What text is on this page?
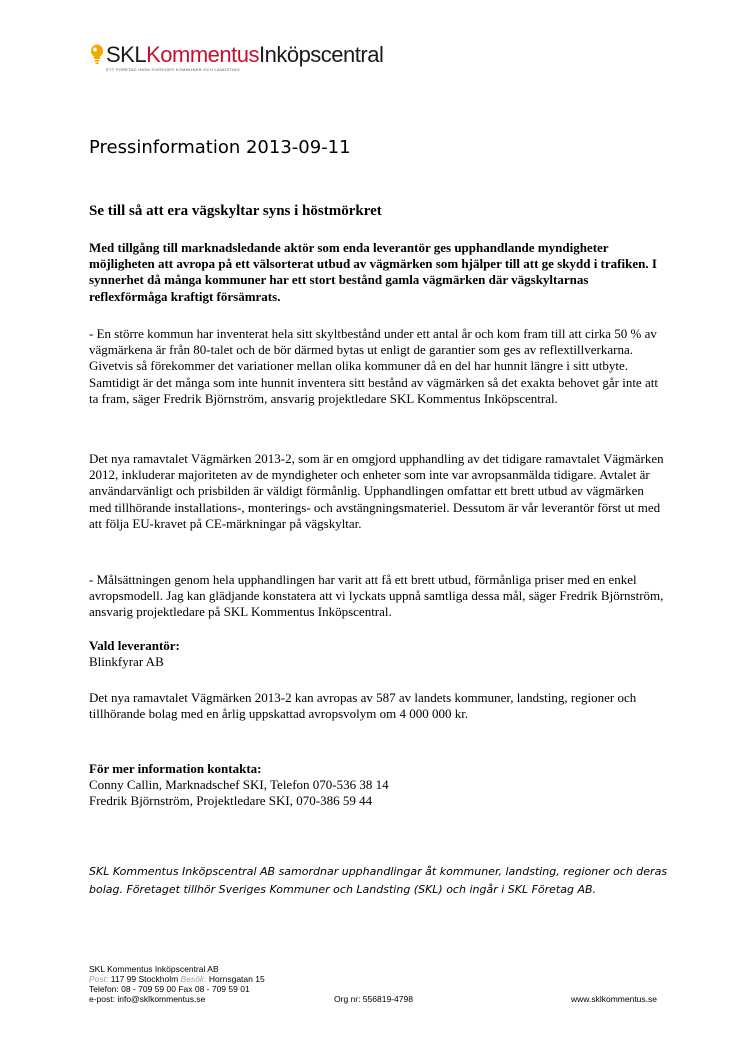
SKLKommentusInköpscentral
ETT FÖRETAG INOM SVERIGES KOMMUNER OCH LANDSTING
Pressinformation 2013-09-11
Se till så att era vägskyltar syns i höstmörkret
Med tillgång till marknadsledande aktör som enda leverantör ges upphandlande myndigheter möjligheten att avropa på ett välsorterat utbud av vägmärken som hjälper till att ge skydd i trafiken. I synnerhet då många kommuner har ett stort bestånd gamla vägmärken där vägskyltarnas reflexförmåga kraftigt försämrats.
- En större kommun har inventerat hela sitt skyltbestånd under ett antal år och kom fram till att cirka 50 % av vägmärkena är från 80-talet och de bör därmed bytas ut enligt de garantier som ges av reflextillverkarna. Givetvis så förekommer det variationer mellan olika kommuner då en del har hunnit längre i sitt utbyte. Samtidigt är det många som inte hunnit inventera sitt bestånd av vägmärken så det exakta behovet går inte att ta fram, säger Fredrik Björnström, ansvarig projektledare SKL Kommentus Inköpscentral.
Det nya ramavtalet Vägmärken 2013-2, som är en omgjord upphandling av det tidigare ramavtalet Vägmärken 2012, inkluderar majoriteten av de myndigheter och enheter som inte var avropsanmälda tidigare. Avtalet är användarvänligt och prisbilden är väldigt förmånlig. Upphandlingen omfattar ett brett utbud av vägmärken med tillhörande installations-, monterings- och avstängningsmateriel. Dessutom är vår leverantör först ut med att följa EU-kravet på CE-märkningar på vägskyltar.
- Målsättningen genom hela upphandlingen har varit att få ett brett utbud, förmånliga priser med en enkel avropsmodell. Jag kan glädjande konstatera att vi lyckats uppnå samtliga dessa mål, säger Fredrik Björnström, ansvarig projektledare på SKL Kommentus Inköpscentral.
Vald leverantör:
Blinkfyrar AB
Det nya ramavtalet Vägmärken 2013-2 kan avropas av 587 av landets kommuner, landsting, regioner och tillhörande bolag med en årlig uppskattad avropsvolym om 4 000 000 kr.
För mer information kontakta:
Conny Callin, Marknadschef SKI, Telefon 070-536 38 14
Fredrik Björnström, Projektledare SKI, 070-386 59 44
SKL Kommentus Inköpscentral AB samordnar upphandlingar åt kommuner, landsting, regioner och deras bolag. Företaget tillhör Sveriges Kommuner och Landsting (SKL) och ingår i SKL Företag AB.
SKL Kommentus Inköpscentral AB
Post: 117 99 Stockholm Besök: Hornsgatan 15
Telefon: 08 - 709 59 00 Fax 08 - 709 59 01
e-post: info@sklkommentus.se	Org nr: 556819-4798	www.sklkommentus.se
